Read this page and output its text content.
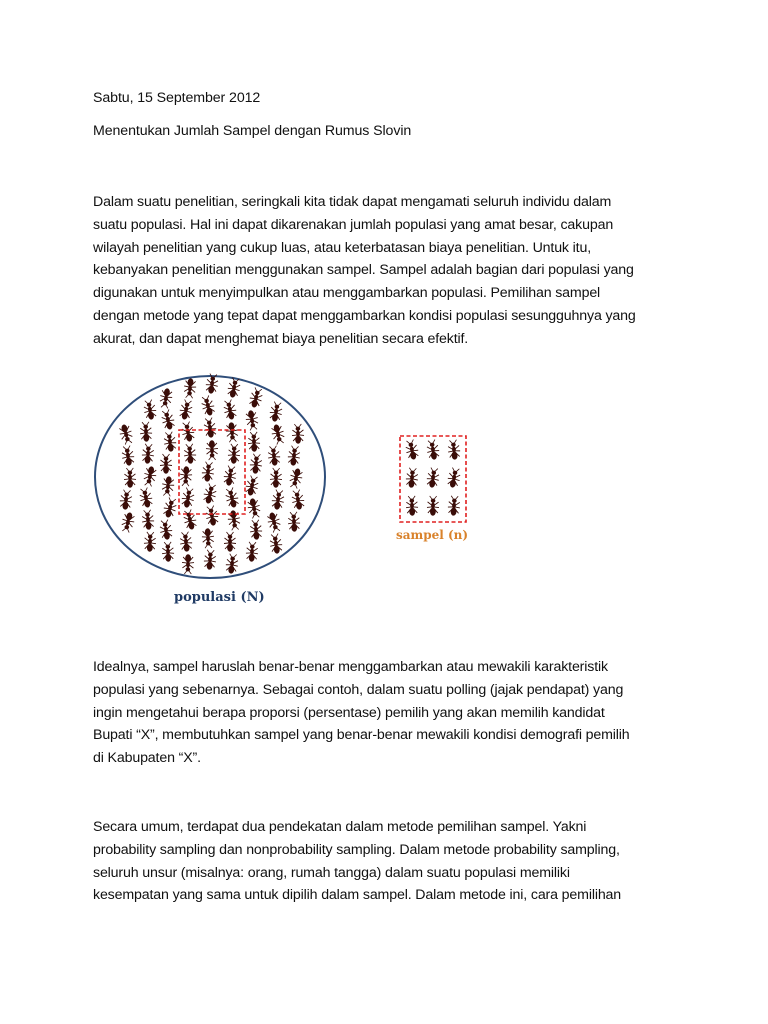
Sabtu, 15 September 2012
Menentukan Jumlah Sampel dengan Rumus Slovin
Dalam suatu penelitian, seringkali kita tidak dapat mengamati seluruh individu dalam
suatu populasi. Hal ini dapat dikarenakan jumlah populasi yang amat besar, cakupan
wilayah penelitian yang cukup luas, atau keterbatasan biaya penelitian. Untuk itu,
kebanyakan penelitian menggunakan sampel. Sampel adalah bagian dari populasi yang
digunakan untuk menyimpulkan atau menggambarkan populasi. Pemilihan sampel
dengan metode yang tepat dapat menggambarkan kondisi populasi sesungguhnya yang
akurat, dan dapat menghemat biaya penelitian secara efektif.
populasi (N)
sampel (n)
Idealnya, sampel haruslah benar-benar menggambarkan atau mewakili karakteristik
populasi yang sebenarnya. Sebagai contoh, dalam suatu polling (jajak pendapat) yang
ingin mengetahui berapa proporsi (persentase) pemilih yang akan memilih kandidat
Bupati “X”, membutuhkan sampel yang benar-benar mewakili kondisi demografi pemilih
di Kabupaten “X”.
Secara umum, terdapat dua pendekatan dalam metode pemilihan sampel. Yakni
probability sampling dan nonprobability sampling. Dalam metode probability sampling,
seluruh unsur (misalnya: orang, rumah tangga) dalam suatu populasi memiliki
kesempatan yang sama untuk dipilih dalam sampel. Dalam metode ini, cara pemilihan
